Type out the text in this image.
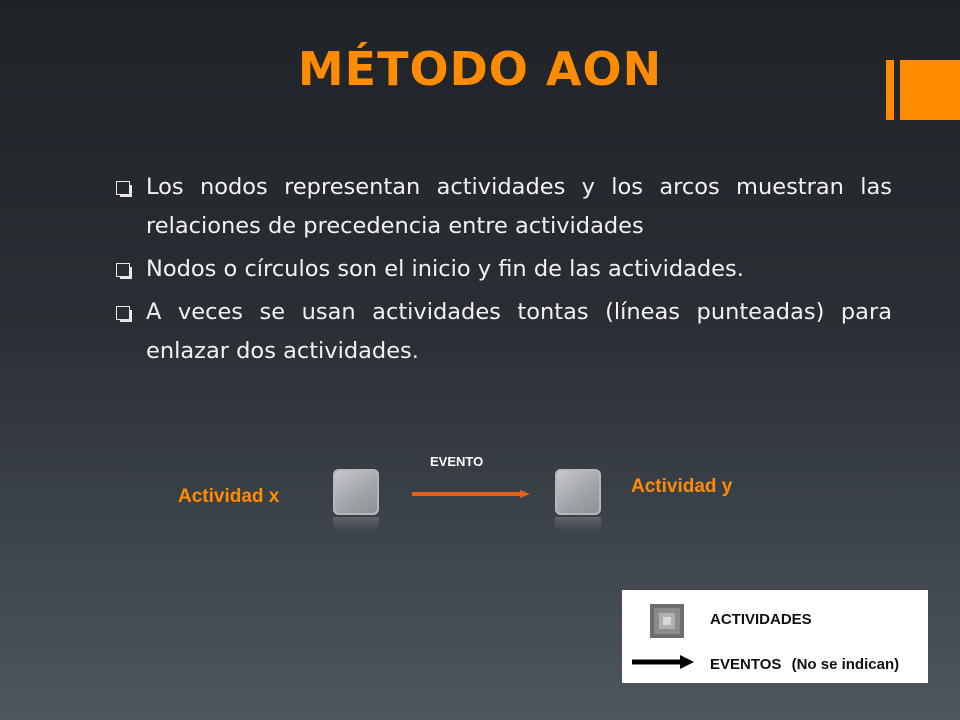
MÉTODO AON
Los nodos representan actividades y los arcos muestran las relaciones de precedencia entre actividades
Nodos o círculos son el inicio y fin de las actividades.
A veces se usan actividades tontas (líneas punteadas) para enlazar dos actividades.
Actividad x
EVENTO
Actividad y
ACTIVIDADES
EVENTOS (No se indican)
